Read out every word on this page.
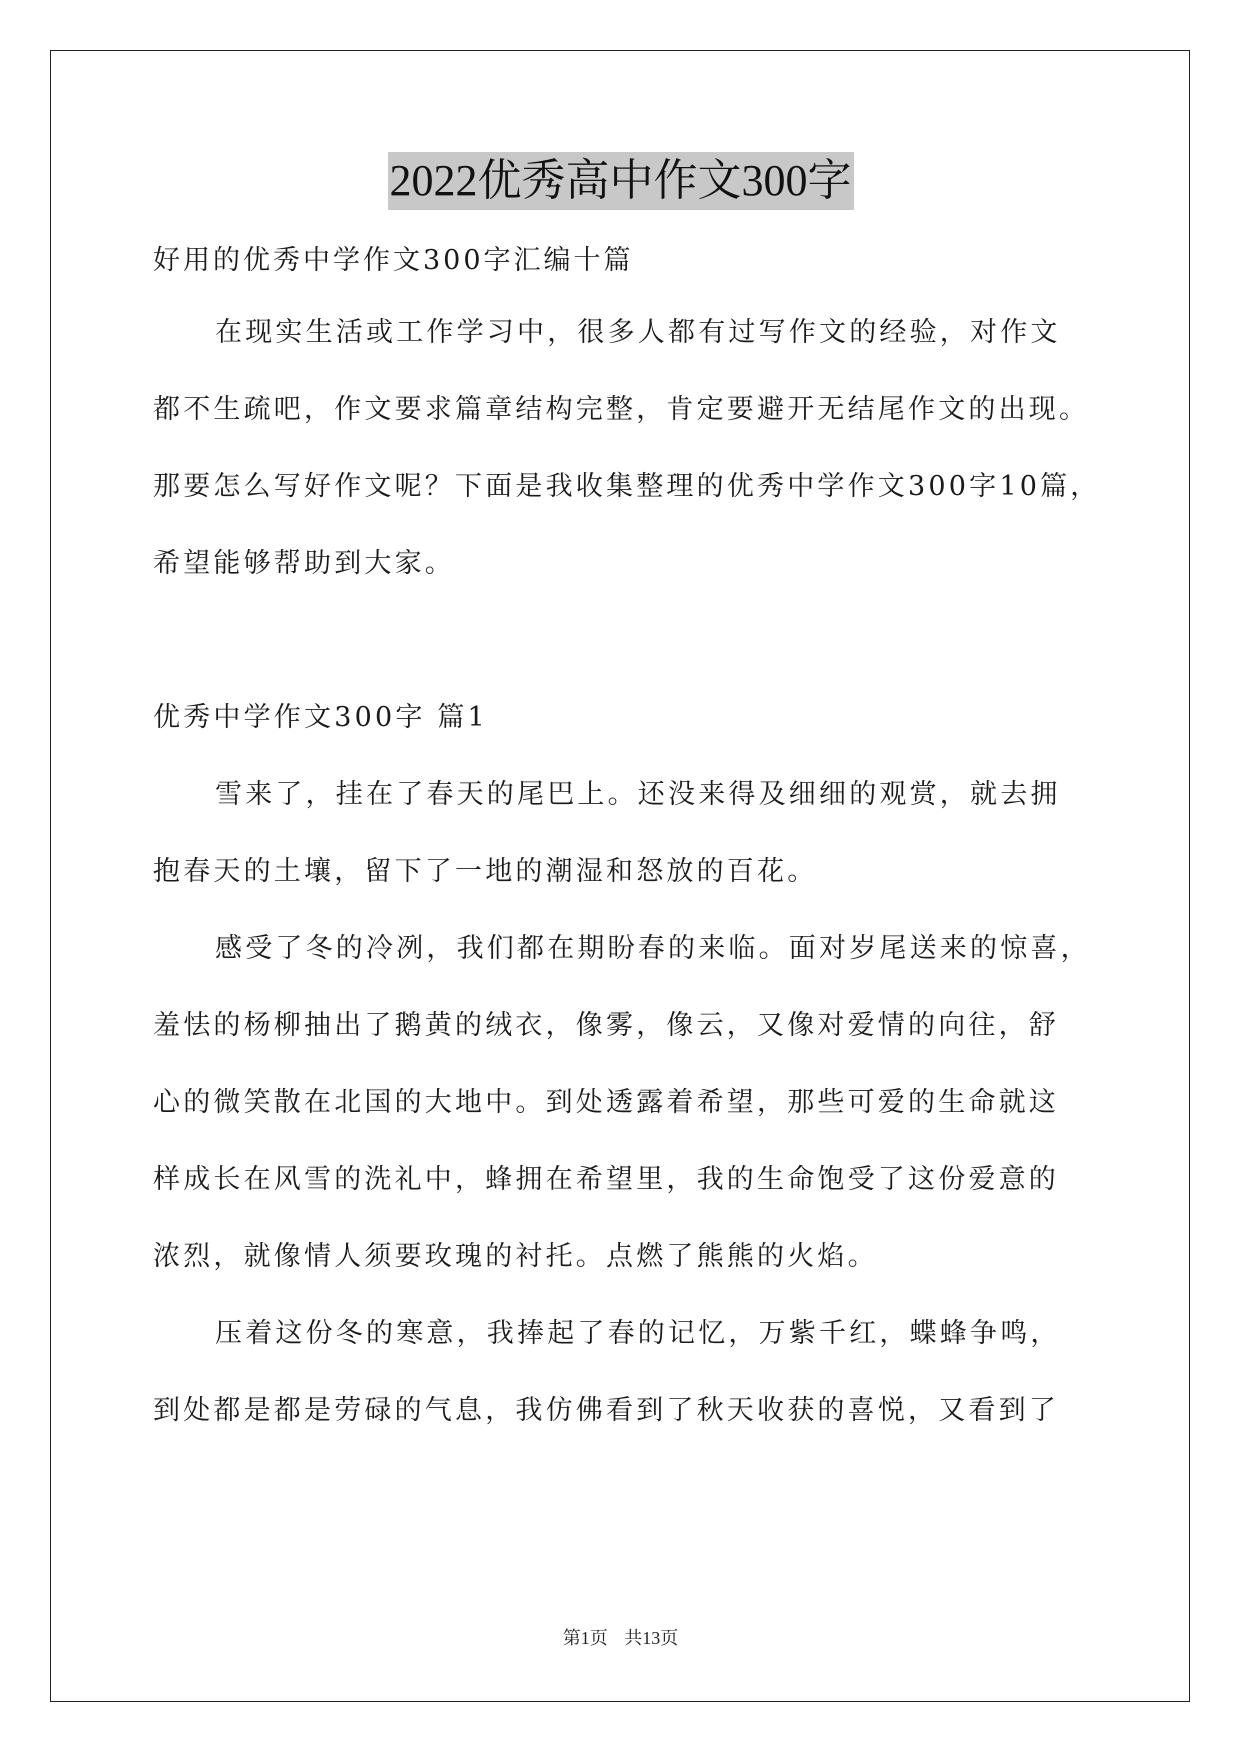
2022优秀高中作文300字
好用的优秀中学作文300字汇编十篇
在现实生活或工作学习中，很多人都有过写作文的经验，对作文
都不生疏吧，作文要求篇章结构完整，肯定要避开无结尾作文的出现。
那要怎么写好作文呢？下面是我收集整理的优秀中学作文300字10篇，
希望能够帮助到大家。
优秀中学作文300字 篇1
雪来了，挂在了春天的尾巴上。还没来得及细细的观赏，就去拥
抱春天的土壤，留下了一地的潮湿和怒放的百花。
感受了冬的冷冽，我们都在期盼春的来临。面对岁尾送来的惊喜，
羞怯的杨柳抽出了鹅黄的绒衣，像雾，像云，又像对爱情的向往，舒
心的微笑散在北国的大地中。到处透露着希望，那些可爱的生命就这
样成长在风雪的洗礼中，蜂拥在希望里，我的生命饱受了这份爱意的
浓烈，就像情人须要玫瑰的衬托。点燃了熊熊的火焰。
压着这份冬的寒意，我捧起了春的记忆，万紫千红，蝶蜂争鸣，
到处都是都是劳碌的气息，我仿佛看到了秋天收获的喜悦，又看到了
第1页 共13页
